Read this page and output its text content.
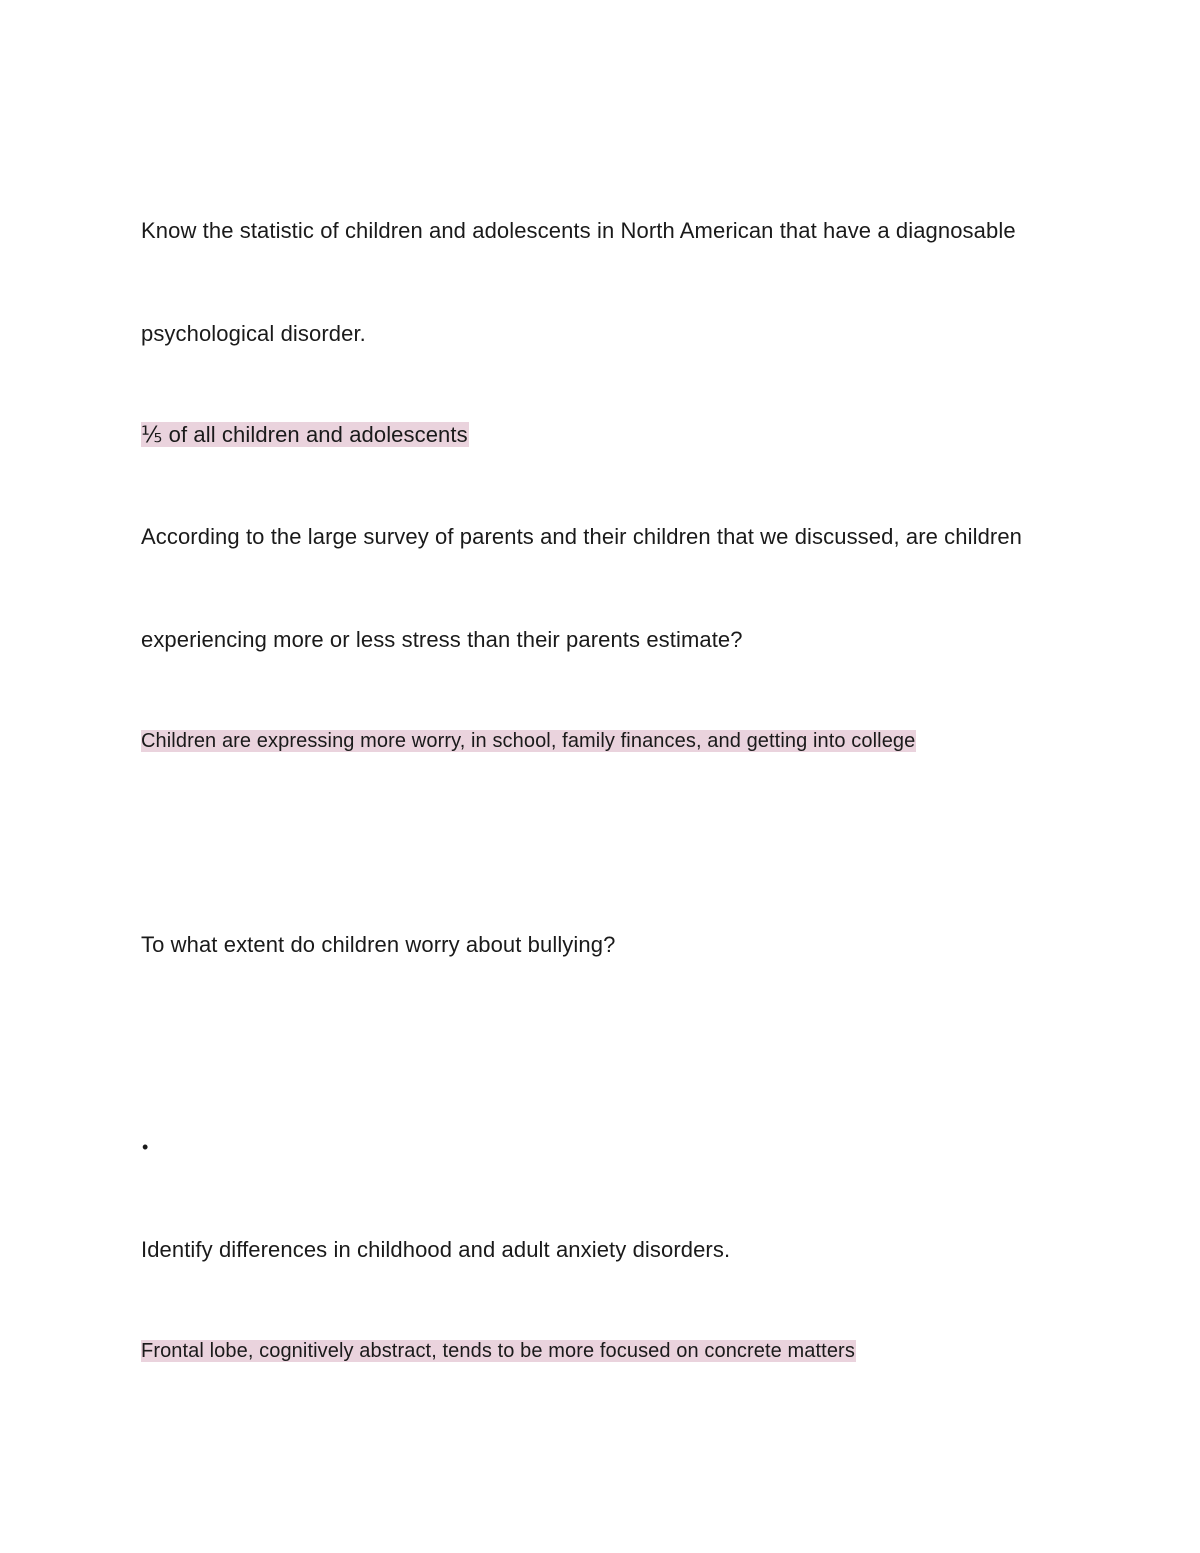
Know the statistic of children and adolescents in North American that have a diagnosable
psychological disorder.
⅕ of all children and adolescents
According to the large survey of parents and their children that we discussed, are children
experiencing more or less stress than their parents estimate?
Children are expressing more worry, in school, family finances, and getting into college
To what extent do children worry about bullying?
•
Identify differences in childhood and adult anxiety disorders.
Frontal lobe, cognitively abstract, tends to be more focused on concrete matters
